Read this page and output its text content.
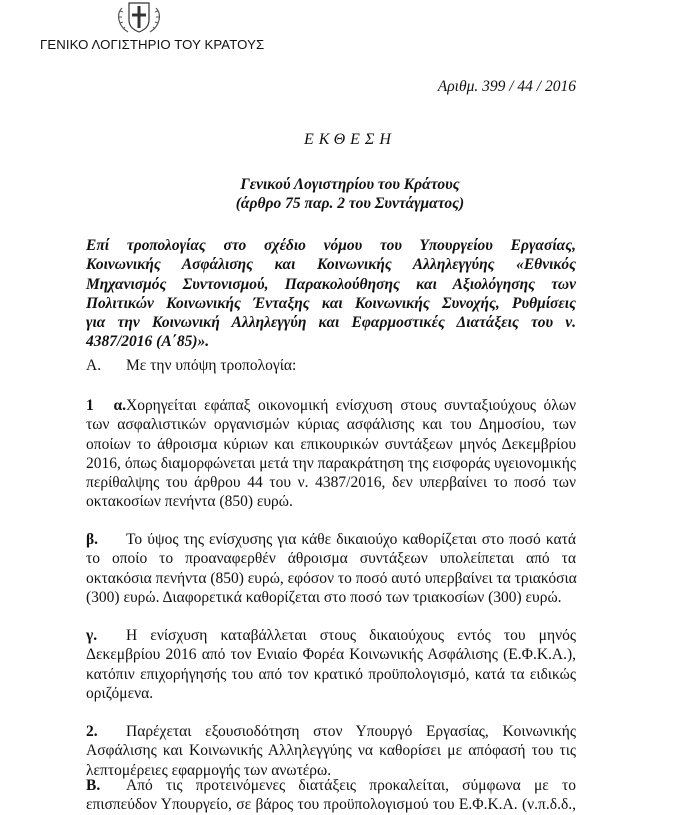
ΓΕΝΙΚΟ ΛΟΓΙΣΤΗΡΙΟ ΤΟΥ ΚΡΑΤΟΥΣ
Αριθμ. 399 / 44 / 2016
ΕΚΘΕΣΗ
Γενικού Λογιστηρίου του Κράτους
(άρθρο 75 παρ. 2 του Συντάγματος)
Επί τροπολογίας στο σχέδιο νόμου του Υπουργείου Εργασίας,
Κοινωνικής Ασφάλισης και Κοινωνικής Αλληλεγγύης «Εθνικός
Μηχανισμός Συντονισμού, Παρακολούθησης και Αξιολόγησης των
Πολιτικών Κοινωνικής Ένταξης και Κοινωνικής Συνοχής, Ρυθμίσεις
για την Κοινωνική Αλληλεγγύη και Εφαρμοστικές Διατάξεις του ν.
4387/2016 (Α΄85)».
Α. Με την υπόψη τροπολογία:
1 α.Χορηγείται εφάπαξ οικονομική ενίσχυση στους συνταξιούχους όλων
των ασφαλιστικών οργανισμών κύριας ασφάλισης και του Δημοσίου, των
οποίων το άθροισμα κύριων και επικουρικών συντάξεων μηνός Δεκεμβρίου
2016, όπως διαμορφώνεται μετά την παρακράτηση της εισφοράς υγειονομικής
περίθαλψης του άρθρου 44 του ν. 4387/2016, δεν υπερβαίνει το ποσό των
οκτακοσίων πενήντα (850) ευρώ.
β. Το ύψος της ενίσχυσης για κάθε δικαιούχο καθορίζεται στο ποσό κατά
το οποίο το προαναφερθέν άθροισμα συντάξεων υπολείπεται από τα
οκτακόσια πενήντα (850) ευρώ, εφόσον το ποσό αυτό υπερβαίνει τα τριακόσια
(300) ευρώ. Διαφορετικά καθορίζεται στο ποσό των τριακοσίων (300) ευρώ.
γ. Η ενίσχυση καταβάλλεται στους δικαιούχους εντός του μηνός
Δεκεμβρίου 2016 από τον Ενιαίο Φορέα Κοινωνικής Ασφάλισης (Ε.Φ.Κ.Α.),
κατόπιν επιχορήγησής του από τον κρατικό προϋπολογισμό, κατά τα ειδικώς
οριζόμενα.
2. Παρέχεται εξουσιοδότηση στον Υπουργό Εργασίας, Κοινωνικής
Ασφάλισης και Κοινωνικής Αλληλεγγύης να καθορίσει με απόφασή του τις
λεπτομέρειες εφαρμογής των ανωτέρω.
Β. Από τις προτεινόμενες διατάξεις προκαλείται, σύμφωνα με το
επισπεύδον Υπουργείο, σε βάρος του προϋπολογισμού του Ε.Φ.Κ.Α. (ν.π.δ.δ.,
